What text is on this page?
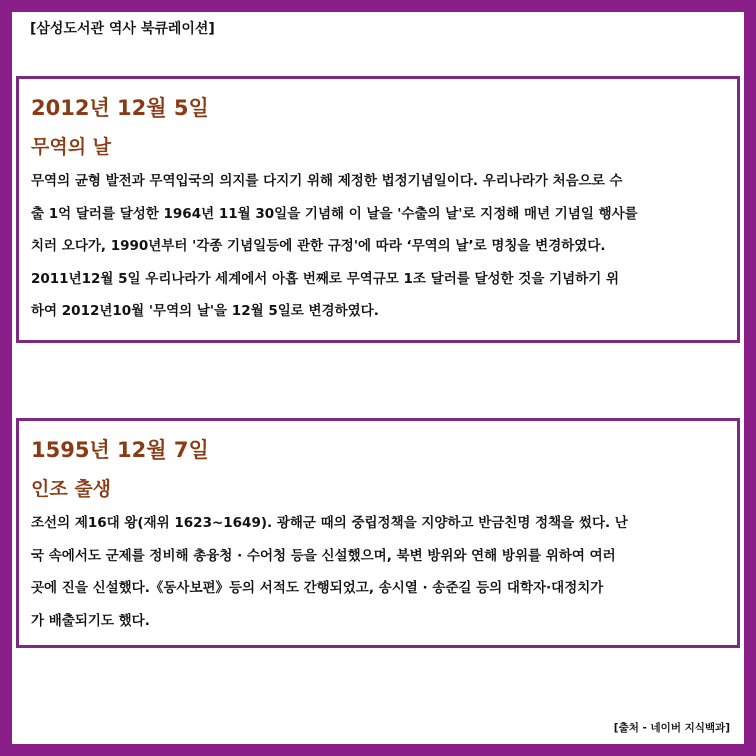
[삼성도서관 역사 북큐레이션]
2012년 12월 5일
무역의 날
무역의 균형 발전과 무역입국의 의지를 다지기 위해 제정한 법정기념일이다. 우리나라가 처음으로 수
출 1억 달러를 달성한 1964년 11월 30일을 기념해 이 날을 '수출의 날'로 지정해 매년 기념일 행사를
치러 오다가, 1990년부터 '각종 기념일등에 관한 규정'에 따라 ‘무역의 날’로 명칭을 변경하였다.
2011년12월 5일 우리나라가 세계에서 아홉 번째로 무역규모 1조 달러를 달성한 것을 기념하기 위
하여 2012년10월 '무역의 날'을 12월 5일로 변경하였다.
1595년 12월 7일
인조 출생
조선의 제16대 왕(재위 1623~1649). 광해군 때의 중립정책을 지양하고 반금친명 정책을 썼다. 난
국 속에서도 군제를 정비해 총융청 · 수어청 등을 신설했으며, 북변 방위와 연해 방위를 위하여 여러
곳에 진을 신설했다.《동사보편》등의 서적도 간행되었고, 송시열 · 송준길 등의 대학자·대정치가
가 배출되기도 했다.
[출처 - 네이버 지식백과]
